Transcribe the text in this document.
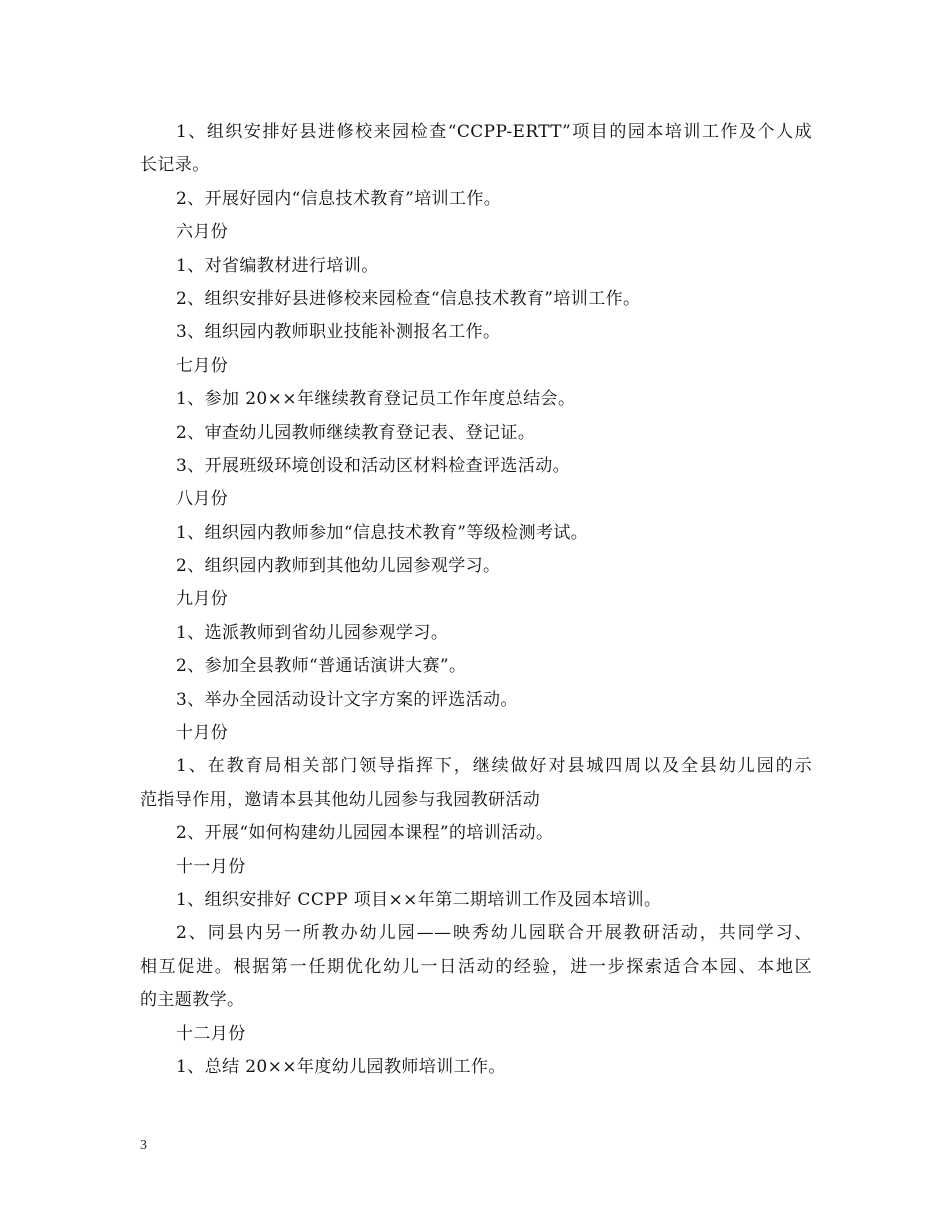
1、组织安排好县进修校来园检查“CCPP-ERTT”项目的园本培训工作及个人成
长记录。
2、开展好园内“信息技术教育”培训工作。
六月份
1、对省编教材进行培训。
2、组织安排好县进修校来园检查“信息技术教育”培训工作。
3、组织园内教师职业技能补测报名工作。
七月份
1、参加 20××年继续教育登记员工作年度总结会。
2、审查幼儿园教师继续教育登记表、登记证。
3、开展班级环境创设和活动区材料检查评选活动。
八月份
1、组织园内教师参加“信息技术教育”等级检测考试。
2、组织园内教师到其他幼儿园参观学习。
九月份
1、选派教师到省幼儿园参观学习。
2、参加全县教师“普通话演讲大赛”。
3、举办全园活动设计文字方案的评选活动。
十月份
1、在教育局相关部门领导指挥下，继续做好对县城四周以及全县幼儿园的示
范指导作用，邀请本县其他幼儿园参与我园教研活动
2、开展“如何构建幼儿园园本课程”的培训活动。
十一月份
1、组织安排好 CCPP 项目××年第二期培训工作及园本培训。
2、同县内另一所教办幼儿园——映秀幼儿园联合开展教研活动，共同学习、
相互促进。根据第一任期优化幼儿一日活动的经验，进一步探索适合本园、本地区
的主题教学。
十二月份
1、总结 20××年度幼儿园教师培训工作。
3
